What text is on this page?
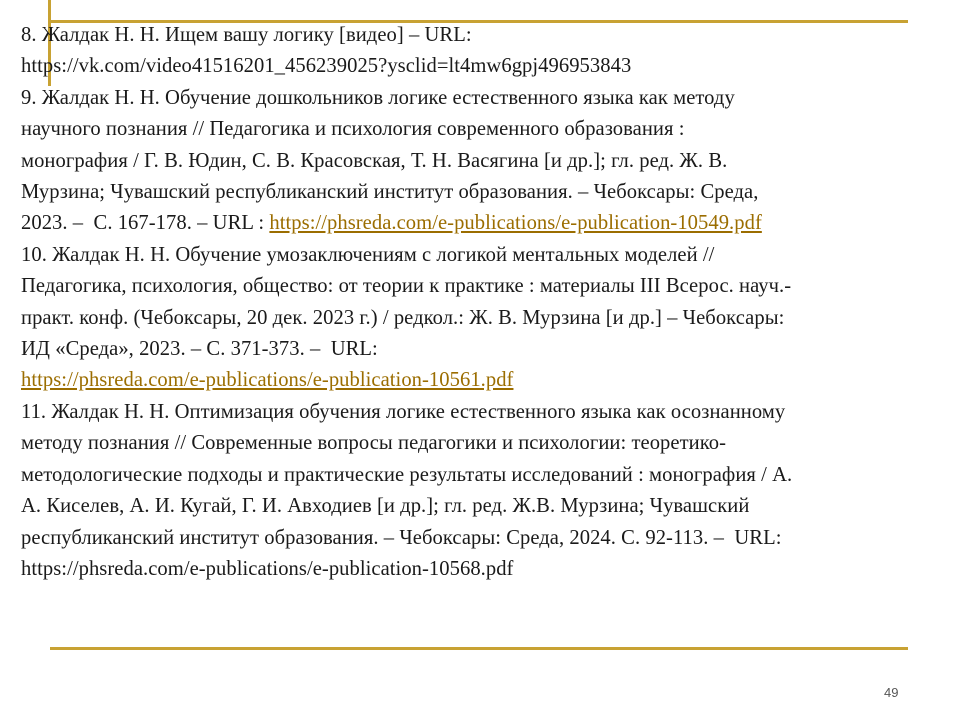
8. Жалдак Н. Н. Ищем вашу логику [видео] – URL:
https://vk.com/video41516201_456239025?ysclid=lt4mw6gpj496953843
9. Жалдак Н. Н. Обучение дошкольников логике естественного языка как методу
научного познания // Педагогика и психология современного образования :
монография / Г. В. Юдин, С. В. Красовская, Т. Н. Васягина [и др.]; гл. ред. Ж. В.
Мурзина; Чувашский республиканский институт образования. – Чебоксары: Среда,
2023. –  С. 167-178. – URL : https://phsreda.com/e-publications/e-publication-10549.pdf
10. Жалдак Н. Н. Обучение умозаключениям с логикой ментальных моделей //
Педагогика, психология, общество: от теории к практике : материалы III Всерос. науч.-
практ. конф. (Чебоксары, 20 дек. 2023 г.) / редкол.: Ж. В. Мурзина [и др.] – Чебоксары:
ИД «Среда», 2023. – С. 371-373. –  URL:
https://phsreda.com/e-publications/e-publication-10561.pdf
11. Жалдак Н. Н. Оптимизация обучения логике естественного языка как осознанному
методу познания // Современные вопросы педагогики и психологии: теоретико-
методологические подходы и практические результаты исследований : монография / А.
А. Киселев, А. И. Кугай, Г. И. Авходиев [и др.]; гл. ред. Ж.В. Мурзина; Чувашский
республиканский институт образования. – Чебоксары: Среда, 2024. С. 92-113. –  URL:
https://phsreda.com/e-publications/e-publication-10568.pdf
49
